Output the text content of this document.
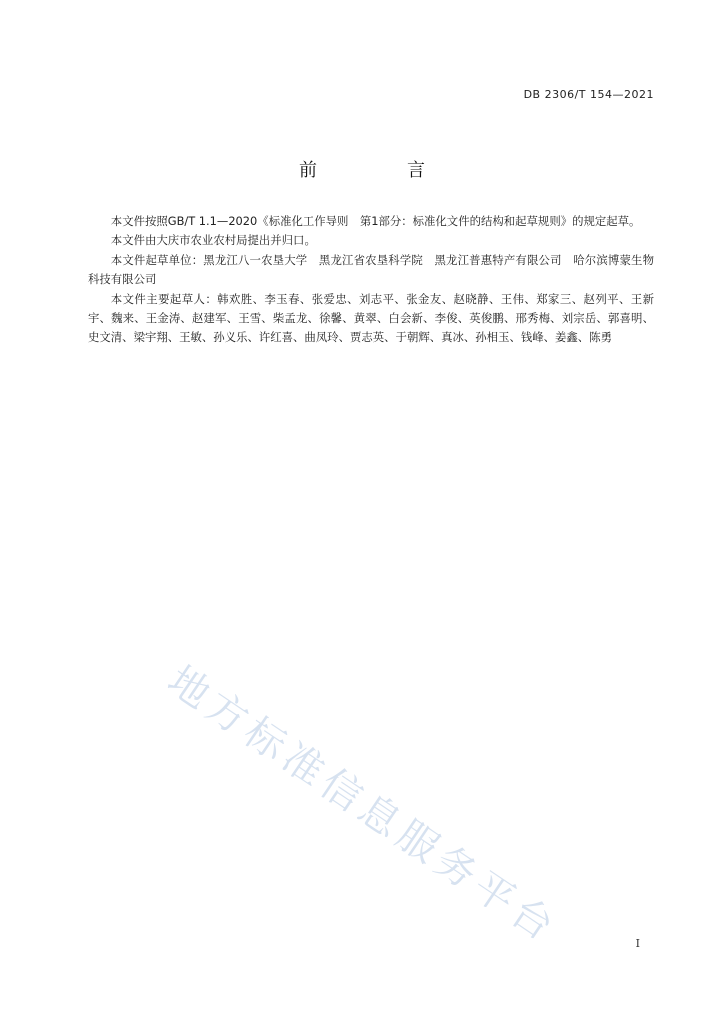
DB 2306/T 154—2021
前　言

本文件按照GB/T 1.1—2020《标准化工作导则　第1部分：标准化文件的结构和起草规则》的规定起草。

本文件由大庆市农业农村局提出并归口。

本文件起草单位：黑龙江八一农垦大学　黑龙江省农垦科学院　黑龙江普惠特产有限公司　哈尔滨博蒙生物科技有限公司

本文件主要起草人：韩欢胜、李玉春、张爱忠、刘志平、张金友、赵晓静、王伟、郑家三、赵列平、王新宇、魏来、王金涛、赵建军、王雪、柴孟龙、徐馨、黄翠、白会新、李俊、英俊鹏、邢秀梅、刘宗岳、郭喜明、史文清、梁宇翔、王敏、孙义乐、许红喜、曲凤玲、贾志英、于朝辉、真冰、孙相玉、钱峰、姜鑫、陈勇

地方标准信息服务平台	I
